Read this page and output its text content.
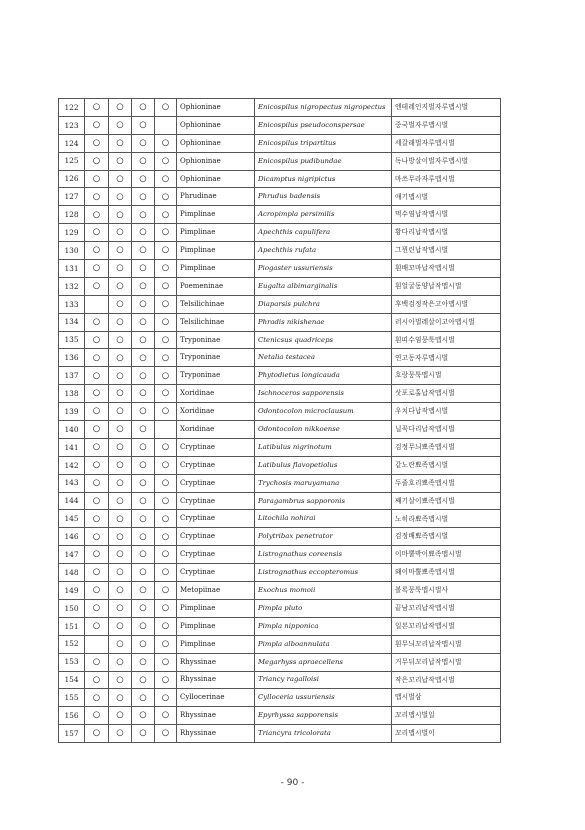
122	○	○	○	○	Ophioninae	Enicospilus nigropectus nigropectus	엔테레인지벌자루맵시벌
123	○	○	○		Ophioninae	Enicospilus pseudoconspersae	중국벌자루맵시벌
124	○	○	○	○	Ophioninae	Enicospilus tripartitus	세갈래벌자루맵시벌
125	○	○	○	○	Ophioninae	Enicospilus pudibundae	독나방살이벌자루맵시벌
126	○	○	○	○	Ophioninae	Dicamptus nigripictus	마쓰무라자루맵시벌
127	○	○	○	○	Phrudinae	Phrudus badensis	애기맵시벌
128	○	○	○	○	Pimplinae	Acropimpla persimilis	먹수염납작맵시벌
129	○	○	○	○	Pimplinae	Apechthis capulifera	황다리납작맵시벌
130	○	○	○	○	Pimplinae	Apechthis rufata	그뮌린납작맵시벌
131	○	○	○	○	Pimplinae	Piogaster ussuriensis	흰배꼬마납작맵시벌
132	○	○	○	○	Poemeninae	Eugalta albimarginalis	흰얼굴동양납작맵시벌
133		○	○	○	Telsilichinae	Diaparsis pulchra	후백검정작은고아맵시벌
134	○	○	○	○	Telsilichinae	Phradis nikishenae	러시아벌레살이고아맵시벌
135	○	○	○	○	Tryponinae	Ctenicsus quadriceps	흰띠수염뭉툭맵시벌
136	○	○	○	○	Tryponinae	Netalia testacea	연고동자루맵시벌
137	○	○	○	○	Tryponinae	Phytodietus longicauda	호랑뭉툭맵시벌
138	○	○	○	○	Xoridinae	Ischnoceros sapporensis	삿포로홀납작맵시벌
139	○	○	○	○	Xoridinae	Odontocolon microclausum	우치다납작맵시벌
140	○	○	○		Xoridinae	Odontocolon nikkoense	닐꼭다리납작맵시벌
141	○	○	○	○	Cryptinae	Latibulus nigrinotum	검정무늬뾰족맵시벌
142	○	○	○	○	Cryptinae	Latibulus flavopetiolus	같노란뾰족맵시벌
143	○	○	○	○	Cryptinae	Trychosis maruyamana	두줄호리뾰족맵시벌
144	○	○	○	○	Cryptinae	Paragambrus sapporonis	째기살이뾰족맵시벌
145	○	○	○	○	Cryptinae	Litochila nohirai	노히라뾰족맵시벌
146	○	○	○	○	Cryptinae	Polytribax penetrator	검정배뾰족맵시벌
147	○	○	○	○	Cryptinae	Listrognathus coreensis	이마뿔박이뾰족맵시벌
148	○	○	○	○	Cryptinae	Listrognathus eccopteromus	왜이마뿔뾰족맵시벌
149	○	○	○	○	Metopiinae	Exochus momoii	볼록뭉툭맵시벌사
150	○	○	○	○	Pimplinae	Pimpla pluto	끝남꼬리납작맵시벌
151	○	○	○	○	Pimplinae	Pimpla nipponica	일본꼬리납작맵시벌
152		○	○	○	Pimplinae	Pimpla alboannulata	흰무늬꼬리납작맵시벌
153	○	○	○	○	Rhyssinae	Megarhyss apraecellens	거무뒤꼬리납작맵시벌
154	○	○	○	○	Rhyssinae	Triancy ragalloisi	작은꼬리납작맵시벌
155	○	○	○	○	Cyllocerinae	Cylloceria ussuriensis	맵시벌삼
156	○	○	○	○	Rhyssinae	Epyrhyssa sapporensis	꼬리맵시벌일
157	○	○	○	○	Rhyssinae	Triancyra tricolorata	꼬리맵시벌이
- 90 -
